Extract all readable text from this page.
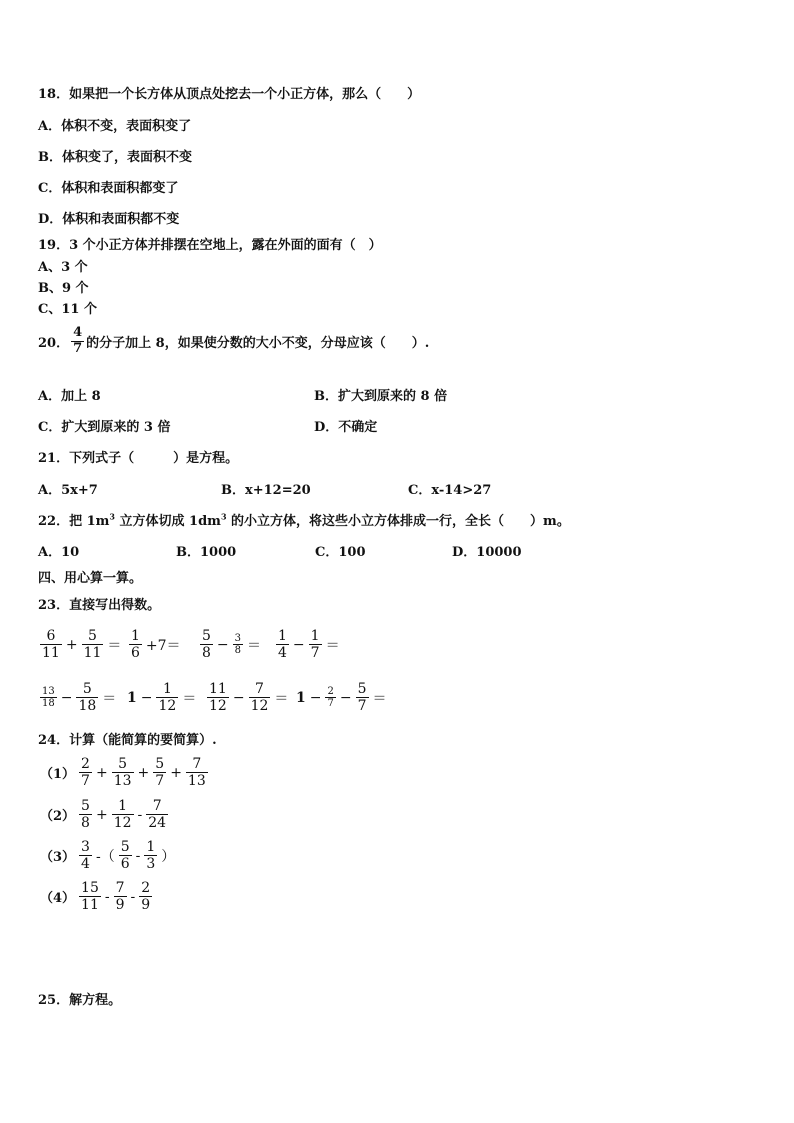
18．如果把一个长方体从顶点处挖去一个小正方体，那么（　　）
A．体积不变，表面积变了
B．体积变了，表面积不变
C．体积和表面积都变了
D．体积和表面积都不变
19．3 个小正方体并排摆在空地上，露在外面的面有（　）
A、3 个
B、9 个
C、11 个
20． $\frac{4}{7}$ 的分子加上 8，如果使分数的大小不变，分母应该（　　）.
A．加上 8	B．扩大到原来的 8 倍
C．扩大到原来的 3 倍	D．不确定
21．下列式子（　　　）是方程。
A．5x+7	B．x+12=20	C．x-14>27
22．把 $1m^3$ 立方体切成 $1dm^3$ 的小立方体，将这些小立方体排成一行，全长（　　）m。
A．10	B．1000	C．100	D．10000
四、用心算一算。
23．直接写出得数。
$\frac{6}{11} + \frac{5}{11} = \frac{1}{6} +7= \frac{5}{8} - \frac{3}{8} = \frac{1}{4} - \frac{1}{7}$ ＝
$\frac{13}{18} - \frac{5}{18} = 1 - \frac{1}{12} = \frac{11}{12} - \frac{7}{12} = 1 - \frac{2}{7} - \frac{5}{7}$ ＝
24．计算（能简算的要简算）.
$(1) \frac{2}{7} + \frac{5}{13} + \frac{5}{7} + \frac{7}{13}$
$(2) \frac{5}{8} + \frac{1}{12} - \frac{7}{24}$
$(3) \frac{3}{4}$ -（ $\frac{5}{6} - \frac{1}{3}$ ）
$(4) \frac{15}{11} - \frac{7}{9} - \frac{2}{9}$
25．解方程。
